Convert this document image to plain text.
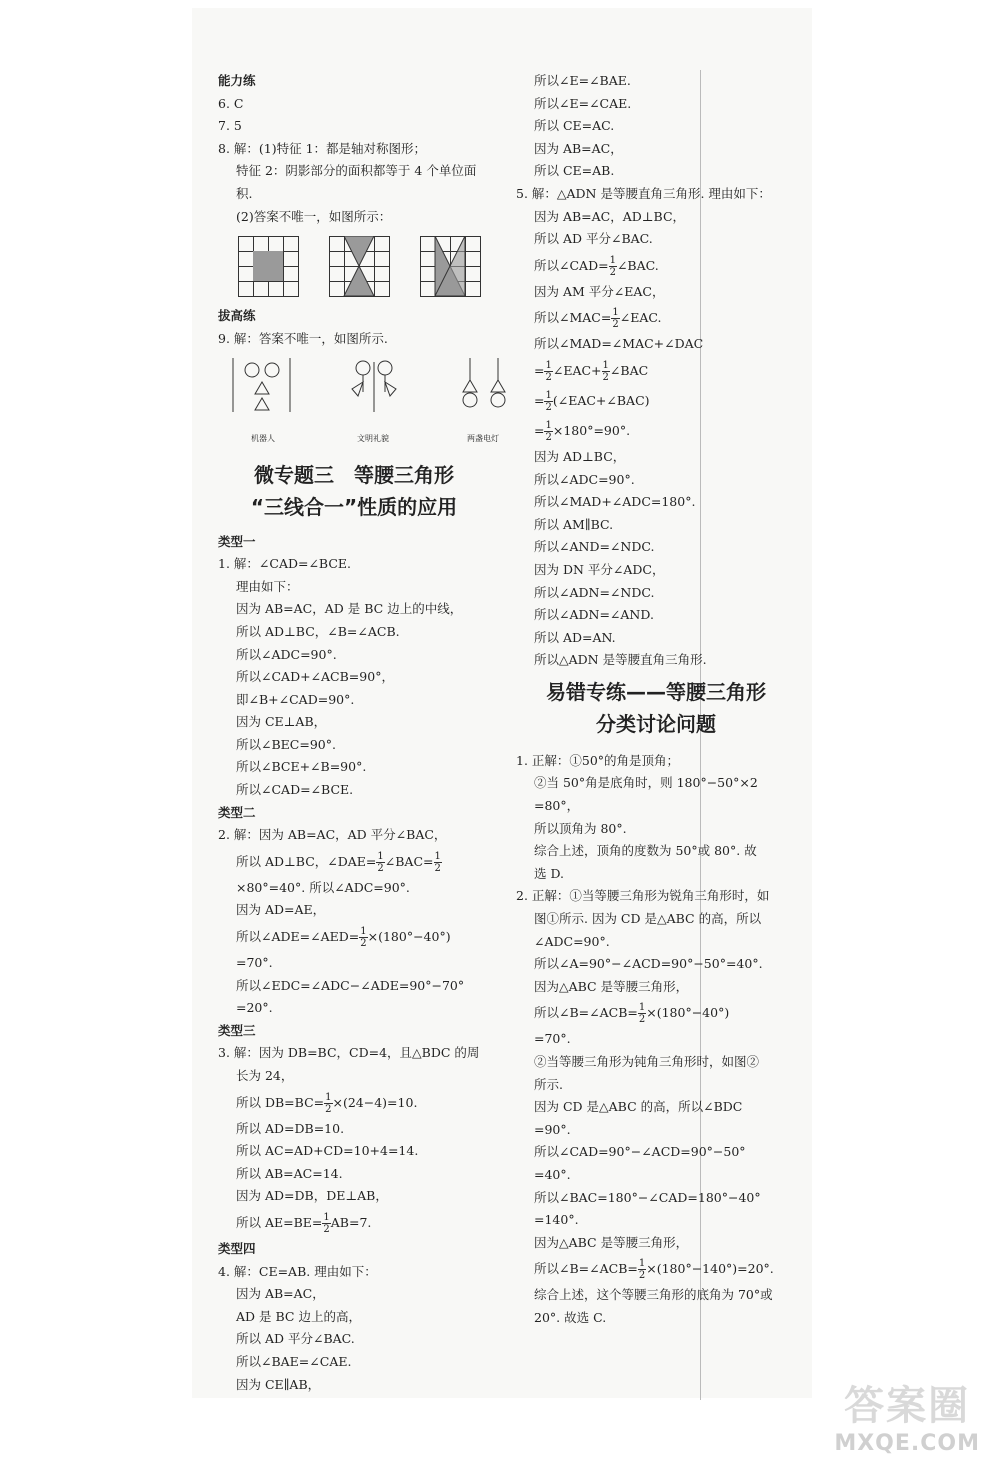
能力练
6. C
7. 5
8. 解：(1)特征 1：都是轴对称图形；
特征 2：阴影部分的面积都等于 4 个单位面
积.
(2)答案不唯一，如图所示：
拔高练
9. 解：答案不唯一，如图所示.
机器人	文明礼貌	两盏电灯
微专题三　等腰三角形
“三线合一”性质的应用
类型一
1. 解：∠CAD=∠BCE.
理由如下：
因为 AB=AC，AD 是 BC 边上的中线，
所以 AD⊥BC，∠B=∠ACB.
所以∠ADC=90°.
所以∠CAD+∠ACB=90°，
即∠B+∠CAD=90°.
因为 CE⊥AB，
所以∠BEC=90°.
所以∠BCE+∠B=90°.
所以∠CAD=∠BCE.
类型二
2. 解：因为 AB=AC，AD 平分∠BAC，
所以 AD⊥BC，∠DAE= $\frac{1}{2}$ ∠BAC= $\frac{1}{2}$
×80°=40°. 所以∠ADC=90°.
因为 AD=AE，
所以∠ADE=∠AED= $\frac{1}{2} \times(180^\circ-40^\circ)$
=70°.
所以∠EDC=∠ADC−∠ADE=90°−70°
=20°.
类型三
3. 解：因为 DB=BC，CD=4，且△BDC 的周
长为 24，
所以 $DB=BC= \frac{1}{2} \times(24-4)=10$.
所以 AD=DB=10.
所以 AC=AD+CD=10+4=14.
所以 AB=AC=14.
因为 AD=DB，DE⊥AB，
所以 $AE=BE= \frac{1}{2} AB=7$.
类型四
4. 解：CE=AB. 理由如下：
因为 AB=AC，
AD 是 BC 边上的高，
所以 AD 平分∠BAC.
所以∠BAE=∠CAE.
因为 CE∥AB，
所以∠E=∠BAE.
所以∠E=∠CAE.
所以 CE=AC.
因为 AB=AC，
所以 CE=AB.
5. 解：△ADN 是等腰直角三角形. 理由如下：
因为 AB=AC，AD⊥BC，
所以 AD 平分∠BAC.
所以∠CAD= $\frac{1}{2}$ ∠BAC.
因为 AM 平分∠EAC，
所以∠MAC= $\frac{1}{2}$ ∠EAC.
所以∠MAD=∠MAC+∠DAC
= $\frac{1}{2}$ ∠EAC+ $\frac{1}{2}$ ∠BAC
= $\frac{1}{2}$ (∠EAC+∠BAC)
= $\frac{1}{2} \times 180^\circ=90^\circ$.
因为 AD⊥BC，
所以∠ADC=90°.
所以∠MAD+∠ADC=180°.
所以 AM∥BC.
所以∠AND=∠NDC.
因为 DN 平分∠ADC，
所以∠ADN=∠NDC.
所以∠ADN=∠AND.
所以 AD=AN.
所以△ADN 是等腰直角三角形.
易错专练——等腰三角形
分类讨论问题
1. 正解：①50°的角是顶角；
②当 50°角是底角时，则 180°−50°×2
=80°，
所以顶角为 80°.
综合上述，顶角的度数为 50°或 80°. 故
选 D.
2. 正解：①当等腰三角形为锐角三角形时，如
图①所示. 因为 CD 是△ABC 的高，所以
∠ADC=90°.
所以∠A=90°−∠ACD=90°−50°=40°.
因为△ABC 是等腰三角形，
所以∠B=∠ACB= $\frac{1}{2} \times(180^\circ-40^\circ)$
=70°.
②当等腰三角形为钝角三角形时，如图②
所示.
因为 CD 是△ABC 的高，所以∠BDC
=90°.
所以∠CAD=90°−∠ACD=90°−50°
=40°.
所以∠BAC=180°−∠CAD=180°−40°
=140°.
因为△ABC 是等腰三角形，
所以∠B=∠ACB= $\frac{1}{2} \times(180^\circ-140^\circ)=20^\circ$.
综合上述，这个等腰三角形的底角为 70°或
20°. 故选 C.
答案圈
MXQE.COM
